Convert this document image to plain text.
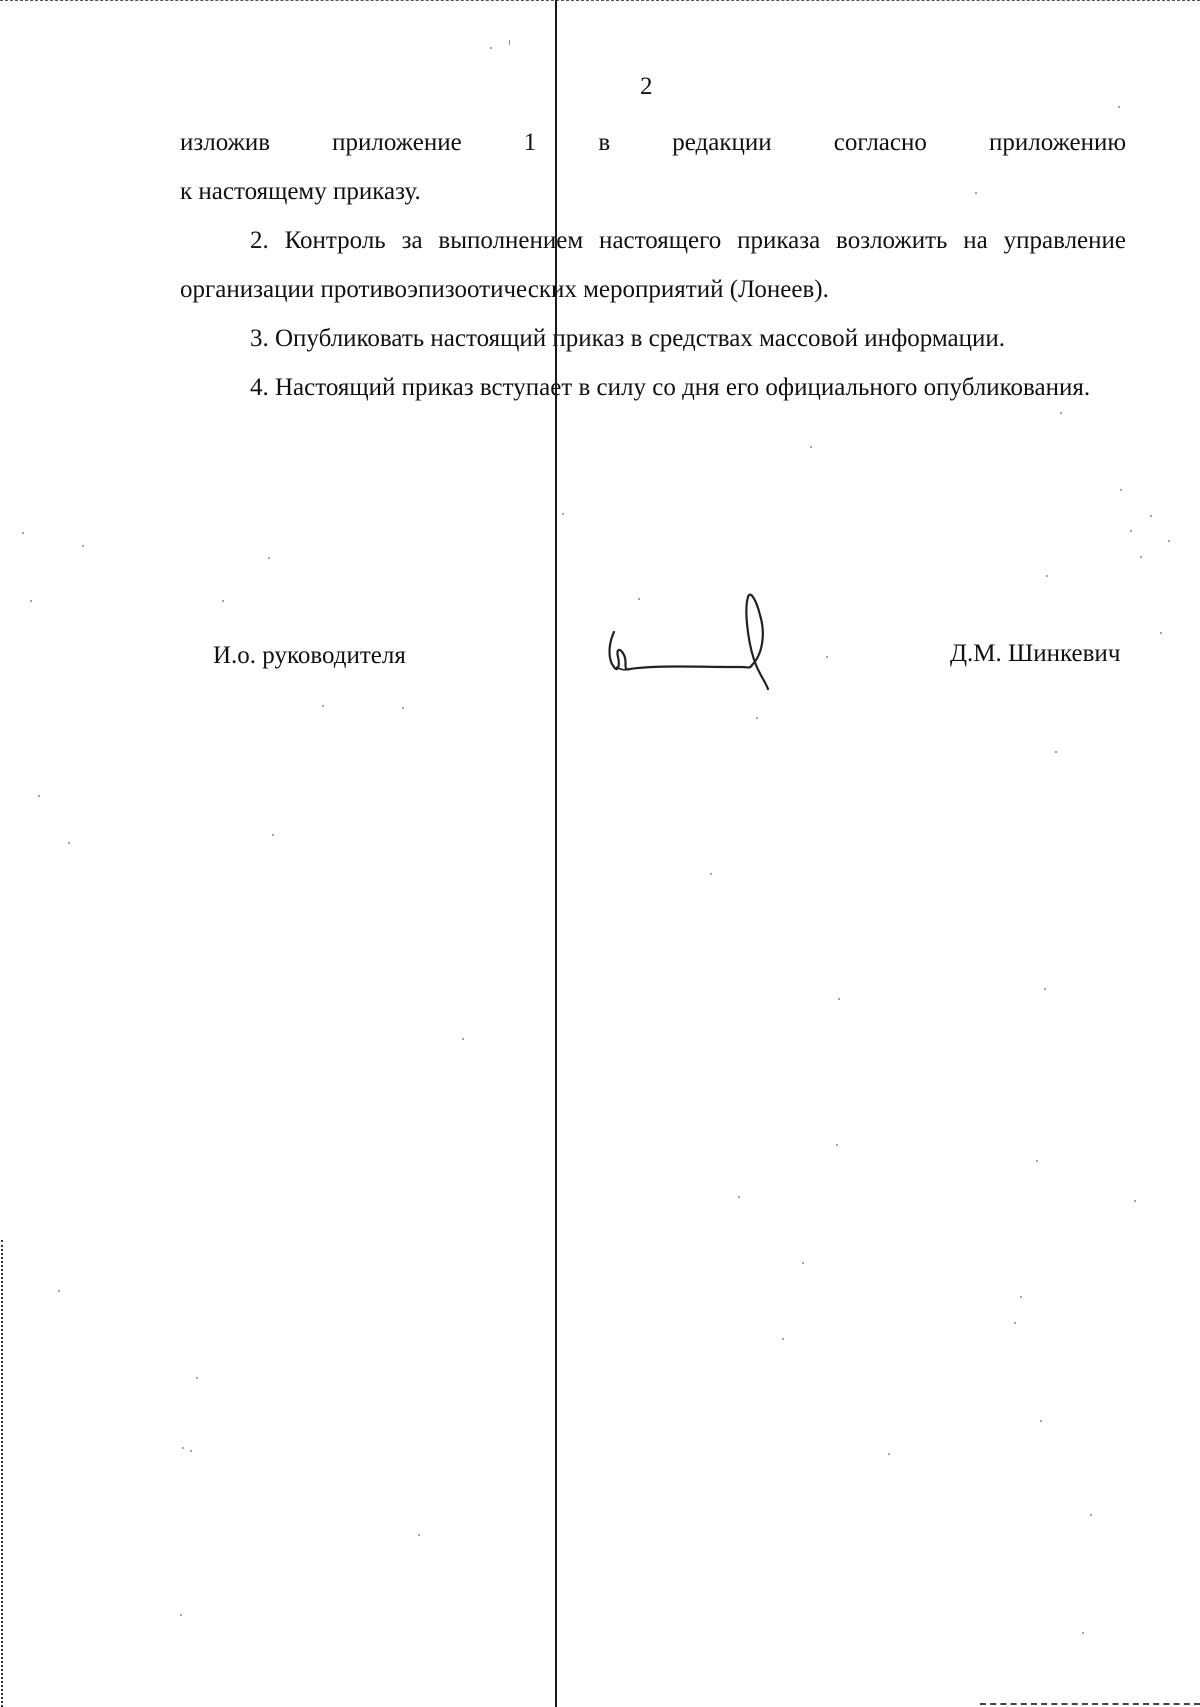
2

изложив приложение 1 в редакции согласно приложению

к настоящему приказу.

2. Контроль за выполнением настоящего приказа возложить на управление организации противоэпизоотических мероприятий (Лонеев).

3. Опубликовать настоящий приказ в средствах массовой информации.

4. Настоящий приказ вступает в силу со дня его официального опубликования.

И.о. руководителя	Д.М. Шинкевич
